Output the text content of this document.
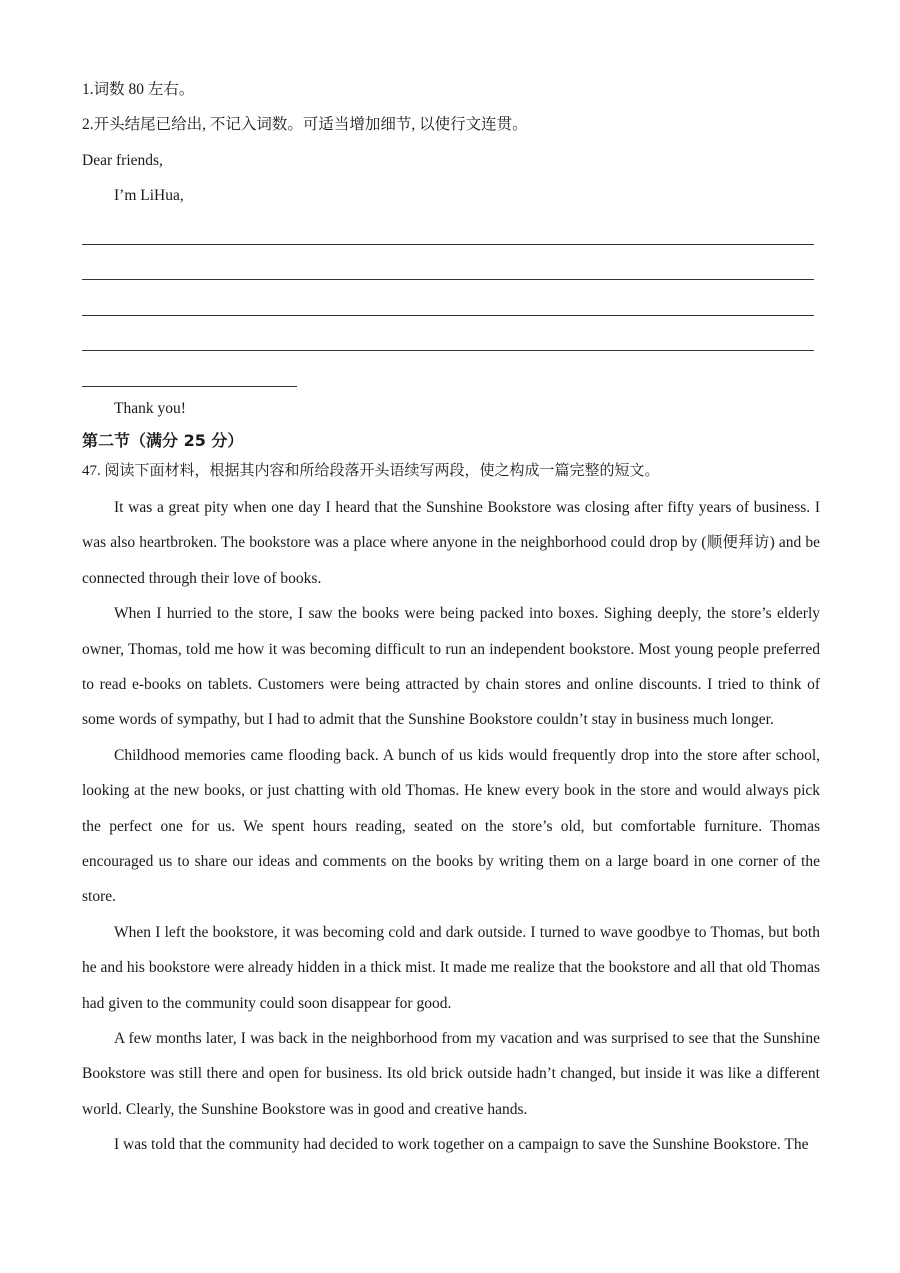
1.词数 80 左右。
2.开头结尾已给出, 不记入词数。可适当增加细节, 以使行文连贯。
Dear friends,
I’m LiHua,
Thank you!
第二节（满分 25 分）
47. 阅读下面材料，根据其内容和所给段落开头语续写两段，使之构成一篇完整的短文。

It was a great pity when one day I heard that the Sunshine Bookstore was closing after fifty years of business. I was also heartbroken. The bookstore was a place where anyone in the neighborhood could drop by (顺便拜访) and be connected through their love of books.

When I hurried to the store, I saw the books were being packed into boxes. Sighing deeply, the store’s elderly owner, Thomas, told me how it was becoming difficult to run an independent bookstore. Most young people preferred to read e-books on tablets. Customers were being attracted by chain stores and online discounts. I tried to think of some words of sympathy, but I had to admit that the Sunshine Bookstore couldn’t stay in business much longer.

Childhood memories came flooding back. A bunch of us kids would frequently drop into the store after school, looking at the new books, or just chatting with old Thomas. He knew every book in the store and would always pick the perfect one for us. We spent hours reading, seated on the store’s old, but comfortable furniture. Thomas encouraged us to share our ideas and comments on the books by writing them on a large board in one corner of the store.

When I left the bookstore, it was becoming cold and dark outside. I turned to wave goodbye to Thomas, but both he and his bookstore were already hidden in a thick mist. It made me realize that the bookstore and all that old Thomas had given to the community could soon disappear for good.

A few months later, I was back in the neighborhood from my vacation and was surprised to see that the Sunshine Bookstore was still there and open for business. Its old brick outside hadn’t changed, but inside it was like a different world. Clearly, the Sunshine Bookstore was in good and creative hands.

I was told that the community had decided to work together on a campaign to save the Sunshine Bookstore. The
